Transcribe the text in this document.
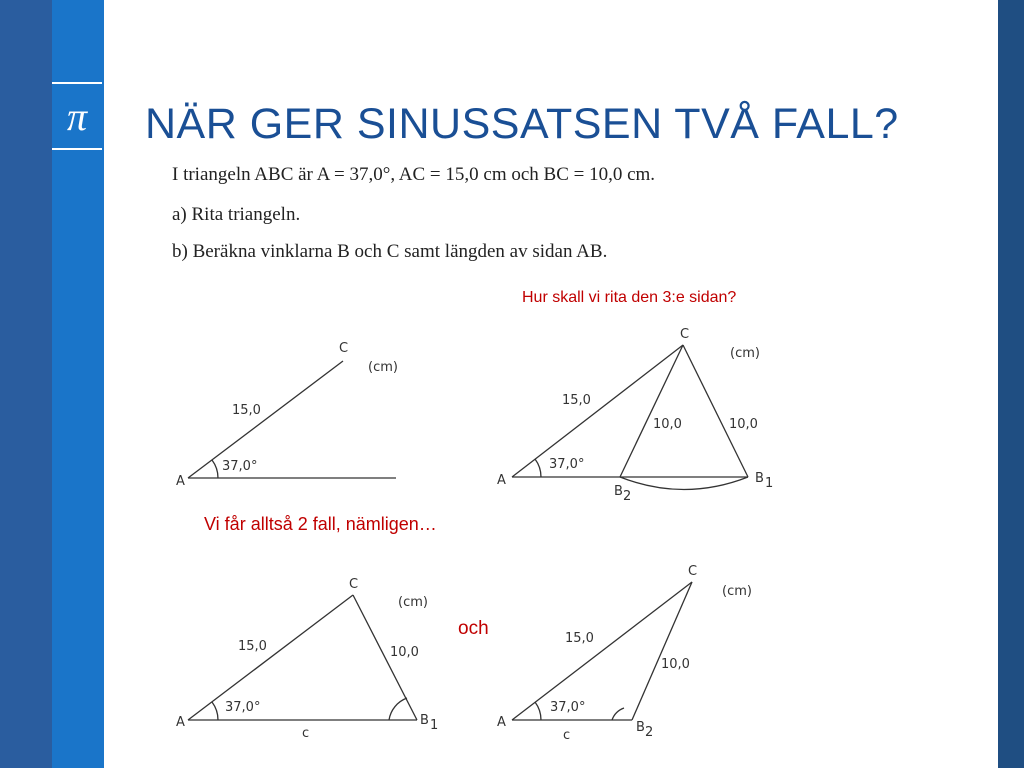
π NÄR GER SINUSSATSEN TVÅ FALL?
I triangeln ABC är A = 37,0°, AC = 15,0 cm och BC = 10,0 cm.
a) Rita triangeln.
b) Beräkna vinklarna B och C samt längden av sidan AB.
Hur skall vi rita den 3:e sidan?
Vi får alltså 2 fall, nämligen…
och
A
C
15,0
37,0°
(cm)
A
C
15,0
10,0	10,0
37,0°
(cm)
B 1
B 2
A
C
15,0	10,0
37,0°
(cm)
B 1
c
A
C
15,0
10,0
37,0°
(cm)
B 2
c
